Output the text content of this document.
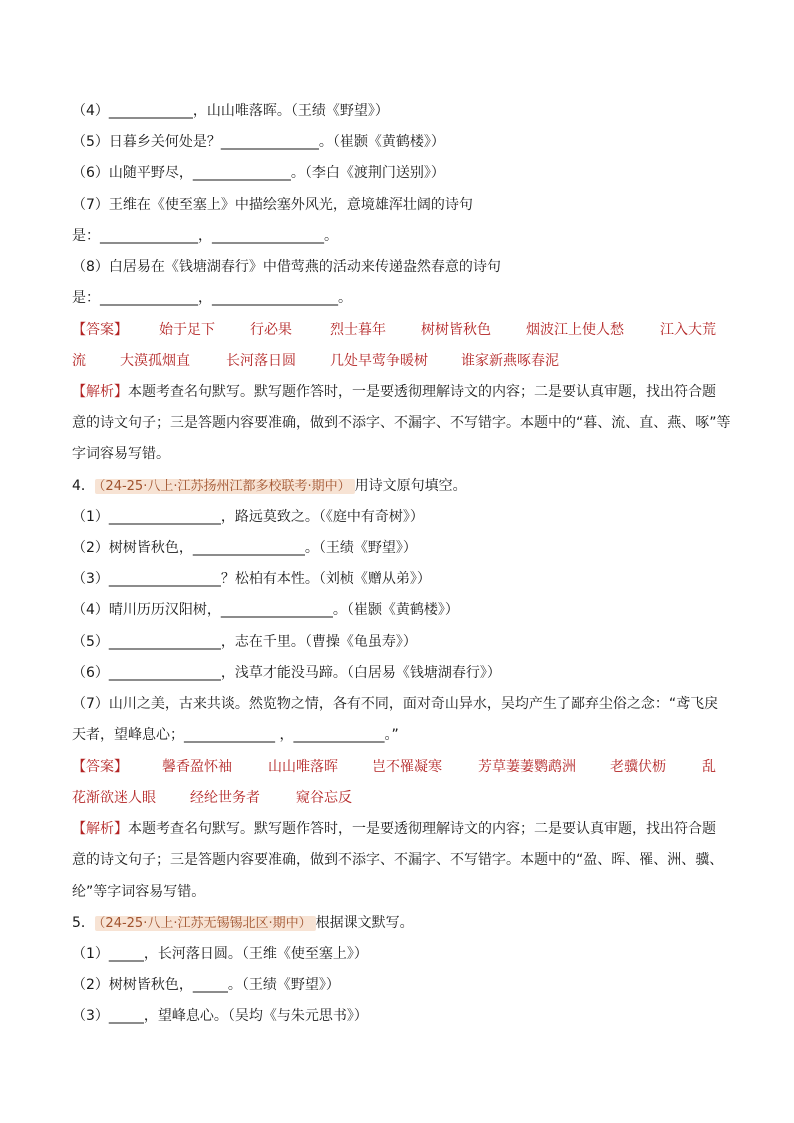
（4）____________，山山唯落晖。（王绩《野望》）
（5）日暮乡关何处是？______________。（崔颢《黄鹤楼》）
（6）山随平野尽，______________。（李白《渡荆门送别》）
（7）王维在《使至塞上》中描绘塞外风光，意境雄浑壮阔的诗句
是：______________，________________。
（8）白居易在《钱塘湖春行》中借莺燕的活动来传递盎然春意的诗句
是：______________，__________________。
【答案】 始于足下	行必果	烈士暮年	树树皆秋色	烟波江上使人愁	江入大荒
流 大漠孤烟直	长河落日圆 几处早莺争暖树 谁家新燕啄春泥
【解析】本题考查名句默写。默写题作答时，一是要透彻理解诗文的内容；二是要认真审题，找出符合题
意的诗文句子；三是答题内容要准确，做到不添字、不漏字、不写错字。本题中的“暮、流、直、燕、啄”等
字词容易写错。
4． （24-25·八上·江苏扬州江都多校联考·期中） 用诗文原句填空。
（1）________________，路远莫致之。（《庭中有奇树》）
（2）树树皆秋色，________________。（王绩《野望》）
（3）________________？松柏有本性。（刘桢《赠从弟》）
（4）晴川历历汉阳树，________________。（崔颢《黄鹤楼》）
（5）________________，志在千里。（曹操《龟虽寿》）
（6）________________，浅草才能没马蹄。（白居易《钱塘湖春行》）
（7）山川之美，古来共谈。然览物之情，各有不同，面对奇山异水，吴均产生了鄙弃尘俗之念：“鸢飞戾
天者，望峰息心；_____________ ，_____________。”
【答案】 馨香盈怀袖	山山唯落晖 岂不罹凝寒	芳草萋萋鹦鹉洲 老骥伏枥	乱
花渐欲迷人眼 经纶世务者	窥谷忘反
【解析】本题考查名句默写。默写题作答时，一是要透彻理解诗文的内容；二是要认真审题，找出符合题
意的诗文句子；三是答题内容要准确，做到不添字、不漏字、不写错字。本题中的“盈、晖、罹、洲、骥、
纶”等字词容易写错。
5． （24-25·八上·江苏无锡锡北区·期中） 根据课文默写。
（1）_____，长河落日圆。（王维《使至塞上》）
（2）树树皆秋色，_____。（王绩《野望》）
（3）_____，望峰息心。（吴均《与朱元思书》）
